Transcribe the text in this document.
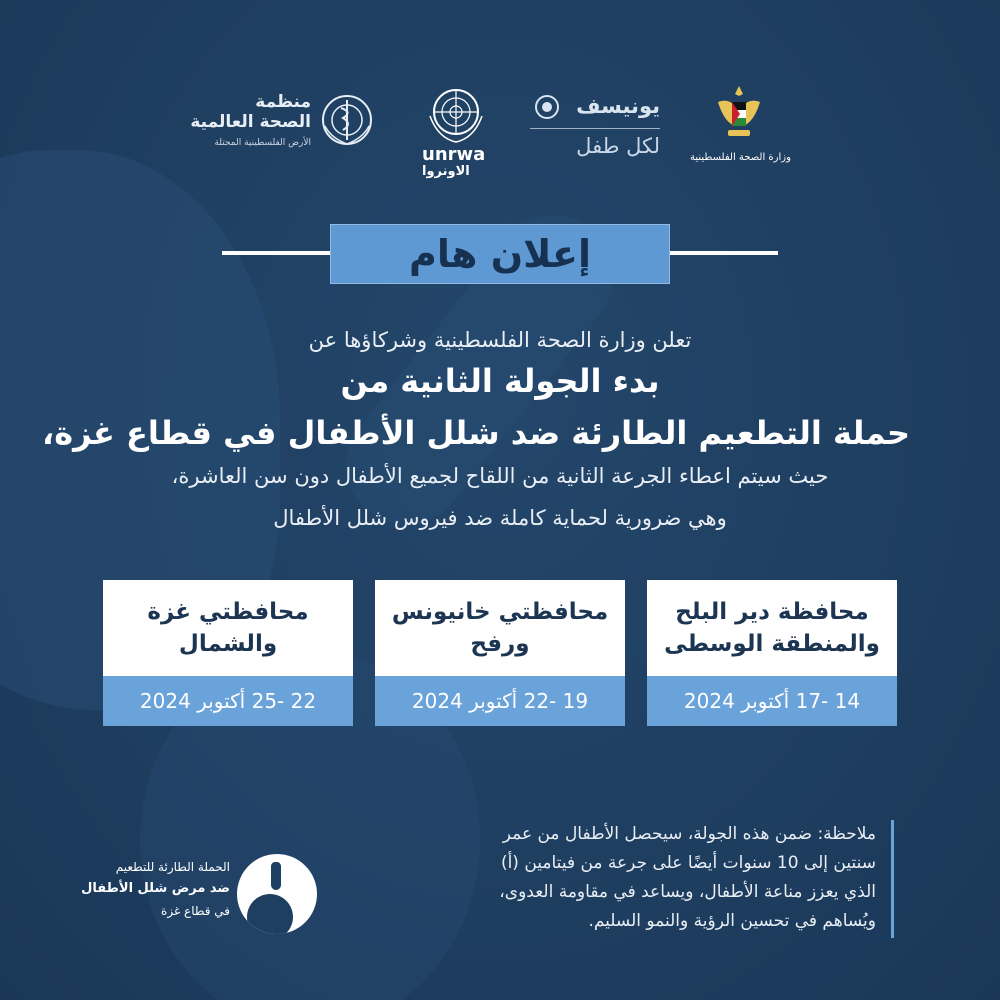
منظمة
الصحة العالمية
الأرض الفلسطينية المحتلة
unrwa
الاونروا
يونيسف
لكل طفل	وزارة الصحة الفلسطينية
إعلان هام
تعلن وزارة الصحة الفلسطينية وشركاؤها عن
بدء الجولة الثانية من
حملة التطعيم الطارئة ضد شلل الأطفال في قطاع غزة،
حيث سيتم اعطاء الجرعة الثانية من اللقاح لجميع الأطفال دون سن العاشرة،
وهي ضرورية لحماية كاملة ضد فيروس شلل الأطفال
محافظة دير البلح
والمنطقة الوسطى
14 -17 أكتوبر 2024
محافظتي خانيونس
ورفح
19 -22 أكتوبر 2024
محافظتي غزة
والشمال
22 -25 أكتوبر 2024
الحملة الطارئة للتطعيم
ضد مرض شلل الأطفال
في قطاع غزة
ملاحظة: ضمن هذه الجولة، سيحصل الأطفال من عمر
سنتين إلى 10 سنوات أيضًا على جرعة من فيتامين (أ)
الذي يعزز مناعة الأطفال، ويساعد في مقاومة العدوى،
ويُساهم في تحسين الرؤية والنمو السليم.
